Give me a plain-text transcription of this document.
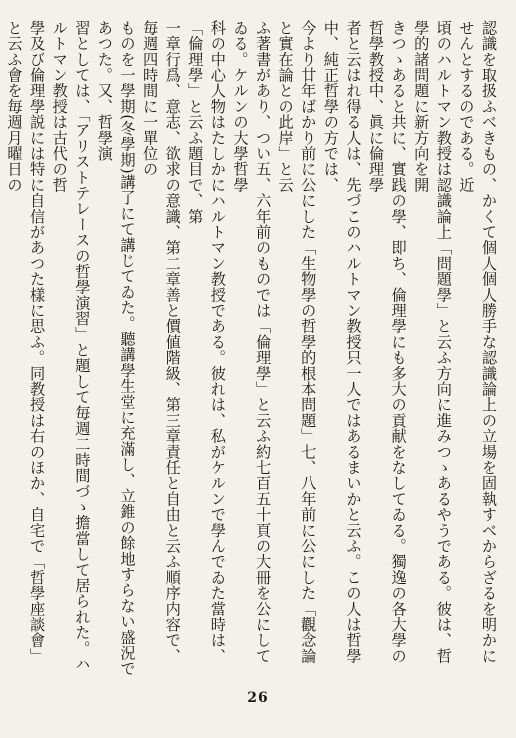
認識を取扱ふべきもの、かくて個人個人勝手な認識論上の立場を固執すべからざるを明かにせんとするのである。近
頃のハルトマン教授は認識論上「問題學」と云ふ方向に進みつゝあるやうである。彼は、哲學的諸問題に新方向を開
きつゝあると共に、實践の學、即ち、倫理學にも多大の貢献をなしてゐる。獨逸の各大學の哲學教授中、眞に倫理學
者と云はれ得る人は、先づこのハルトマン教授只一人ではあるまいかと云ふ。この人は哲學中、純正哲學の方では、
今より廿年ばかり前に公にした「生物學の哲學的根本問題」七、八年前に公にした「觀念論と實在論との此岸」と云
ふ著書があり、つい五、六年前のものでは「倫理學」と云ふ約七百五十頁の大冊を公にしてゐる。ケルンの大學哲學
科の中心人物はたしかにハルトマン教授である。彼れは、私がケルンで學んでゐた當時は、「倫理學」と云ふ題目で、第
一章行爲、意志、欲求の意識、第二章善と價値階級、第三章責任と自由と云ふ順序内容で、毎週四時間に一單位の
ものを一學期(冬學期)講了にて講じてゐた。聽講學生堂に充滿し、立錐の餘地すらない盛況であつた。又、哲學演
習としては、「アリストテレースの哲學演習」と題して毎週二時間づゝ擔當して居られた。ハルトマン教授は古代の哲
學及び倫理學説には特に自信があつた樣に思ふ。同教授は右のほか、自宅で「哲學座談會」と云ふ會を毎週月曜日の

26
